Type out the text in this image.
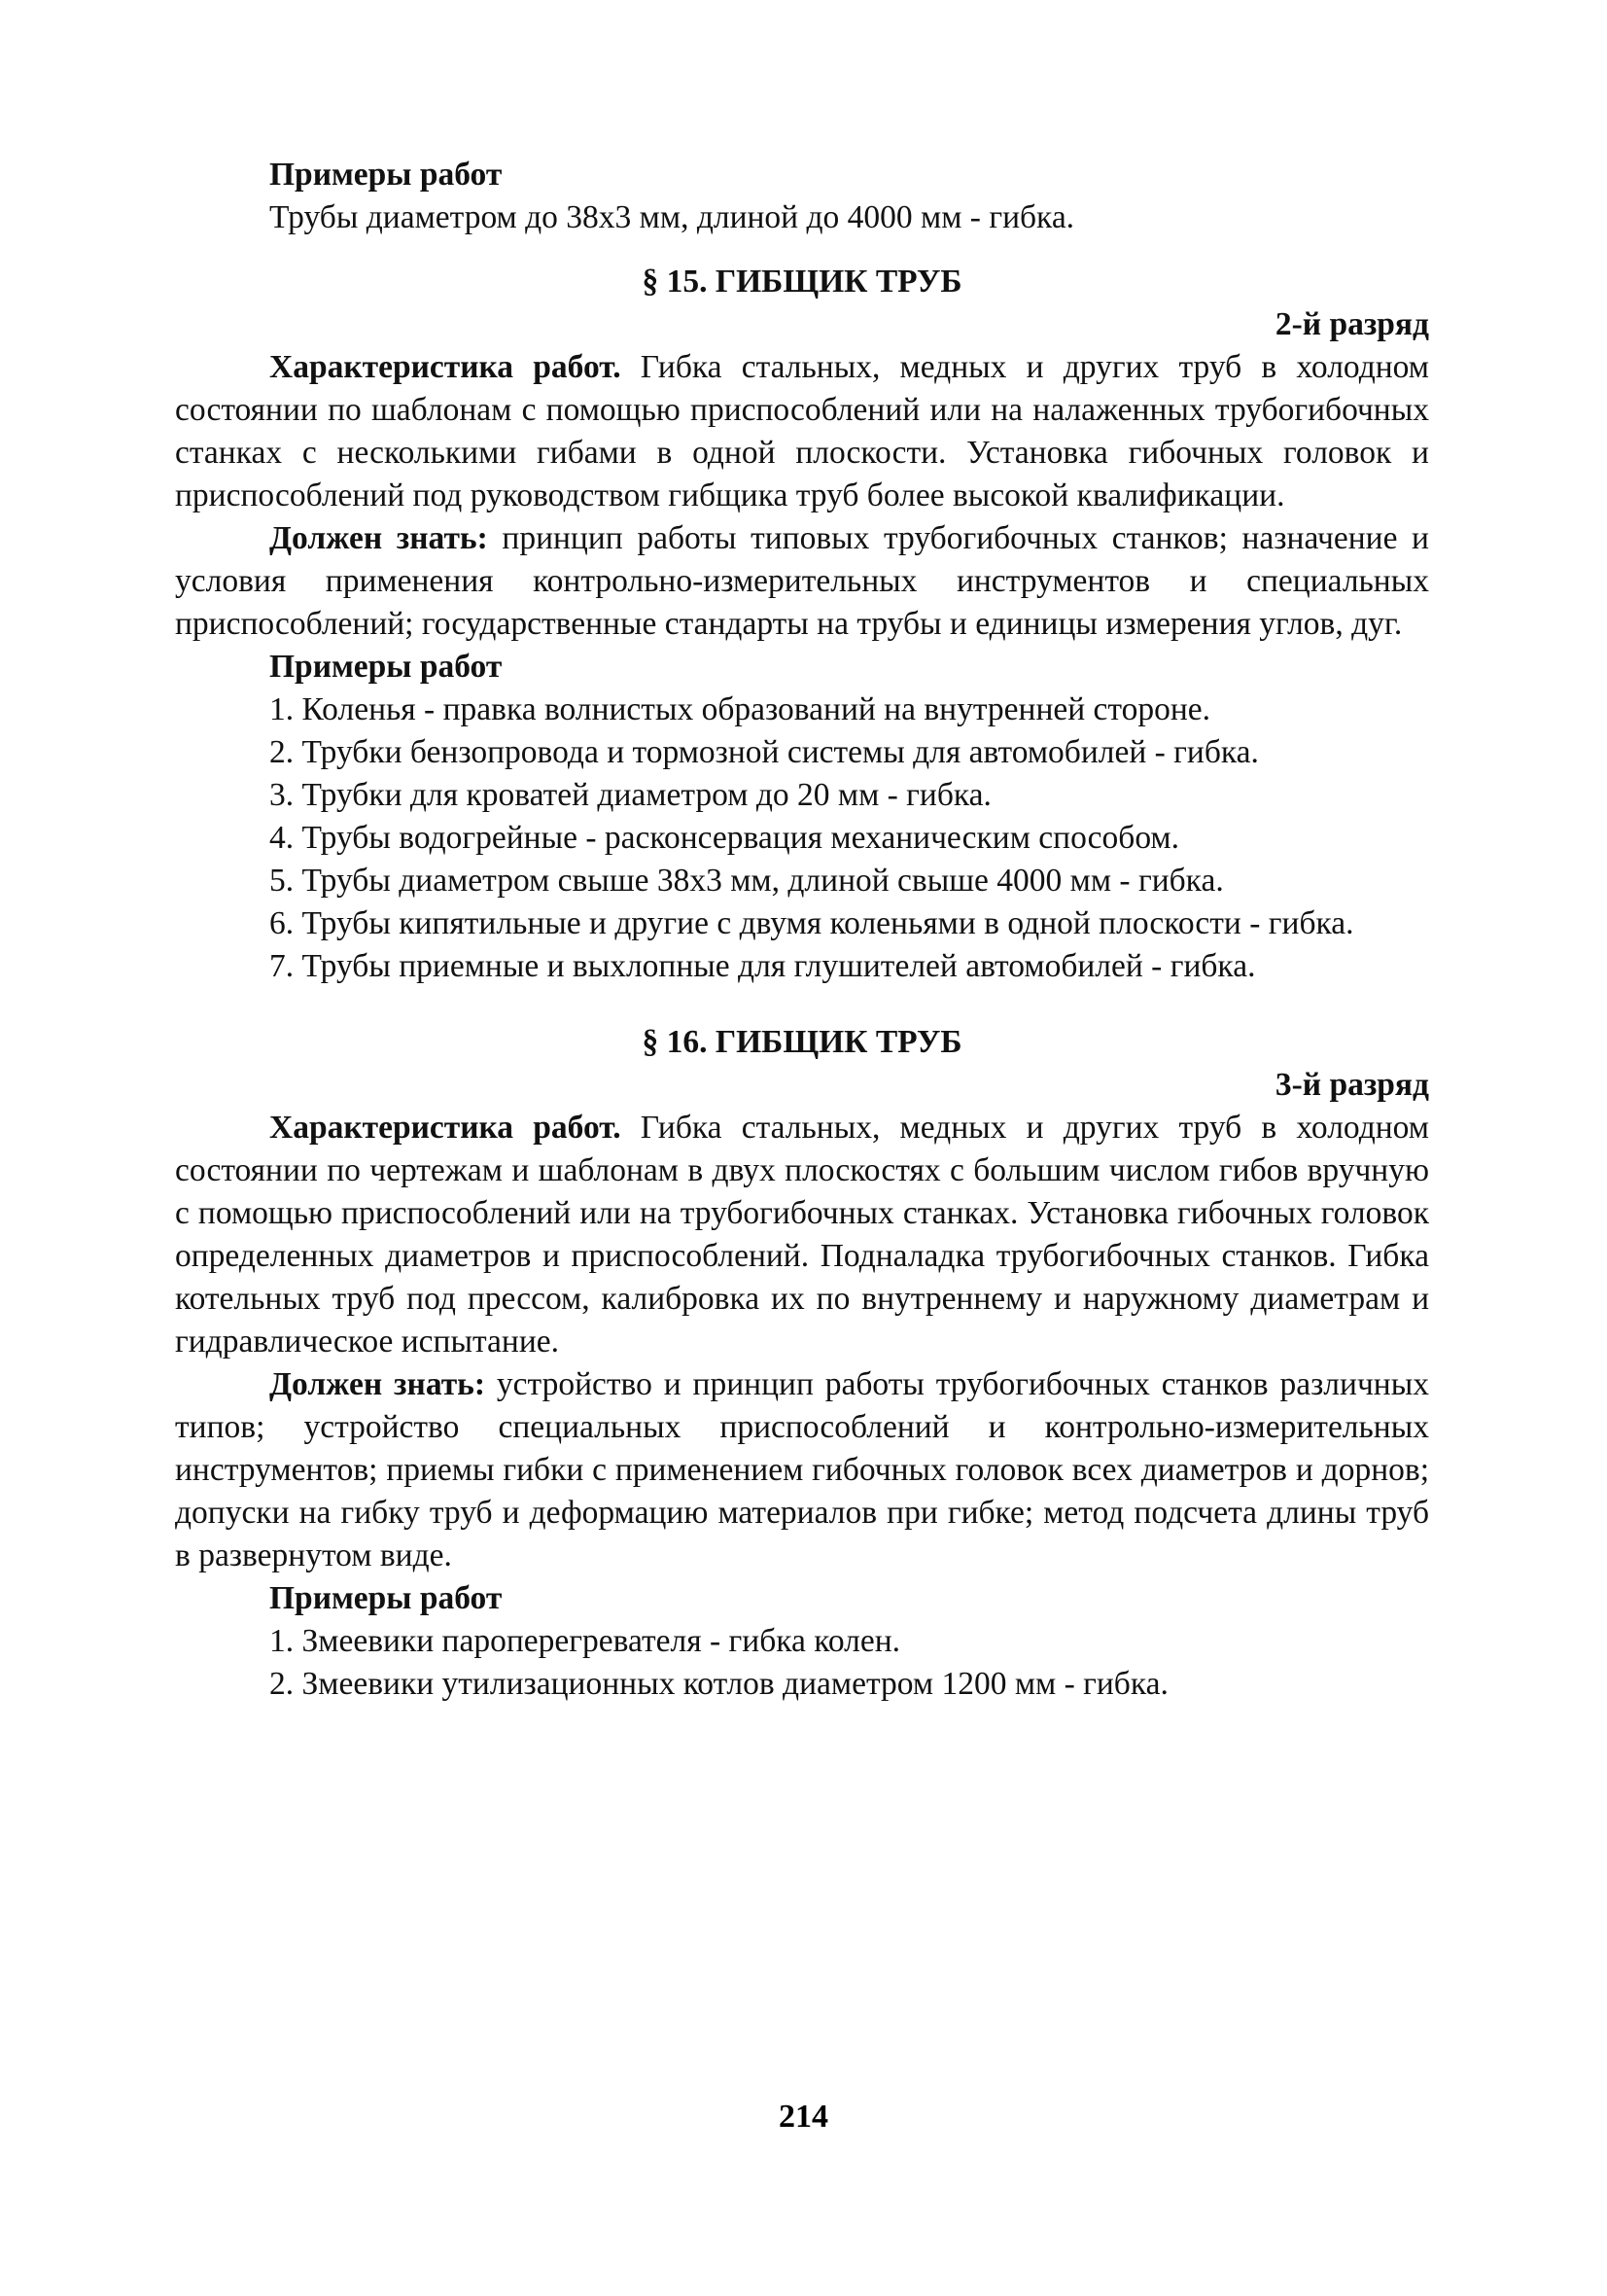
Примеры работ

Трубы диаметром до 38х3 мм, длиной до 4000 мм - гибка.

§ 15. ГИБЩИК ТРУБ

2-й разряд

Характеристика работ. Гибка стальных, медных и других труб в холодном состоянии по шаблонам с помощью приспособлений или на налаженных трубогибочных станках с несколькими гибами в одной плоскости. Установка гибочных головок и приспособлений под руководством гибщика труб более высокой квалификации.

Должен знать: принцип работы типовых трубогибочных станков; назначение и условия применения контрольно-измерительных инструментов и специальных приспособлений; государственные стандарты на трубы и единицы измерения углов, дуг.

Примеры работ

1. Коленья - правка волнистых образований на внутренней стороне.

2. Трубки бензопровода и тормозной системы для автомобилей - гибка.

3. Трубки для кроватей диаметром до 20 мм - гибка.

4. Трубы водогрейные - расконсервация механическим способом.

5. Трубы диаметром свыше 38х3 мм, длиной свыше 4000 мм - гибка.

6. Трубы кипятильные и другие с двумя коленьями в одной плоскости - гибка.

7. Трубы приемные и выхлопные для глушителей автомобилей - гибка.

§ 16. ГИБЩИК ТРУБ

3-й разряд

Характеристика работ. Гибка стальных, медных и других труб в холодном состоянии по чертежам и шаблонам в двух плоскостях с большим числом гибов вручную с помощью приспособлений или на трубогибочных станках. Установка гибочных головок определенных диаметров и приспособлений. Подналадка трубогибочных станков. Гибка котельных труб под прессом, калибровка их по внутреннему и наружному диаметрам и гидравлическое испытание.

Должен знать: устройство и принцип работы трубогибочных станков различных типов; устройство специальных приспособлений и контрольно-измерительных инструментов; приемы гибки с применением гибочных головок всех диаметров и дорнов; допуски на гибку труб и деформацию материалов при гибке; метод подсчета длины труб в развернутом виде.

Примеры работ

1. Змеевики пароперегревателя - гибка колен.

2. Змеевики утилизационных котлов диаметром 1200 мм - гибка.

214
